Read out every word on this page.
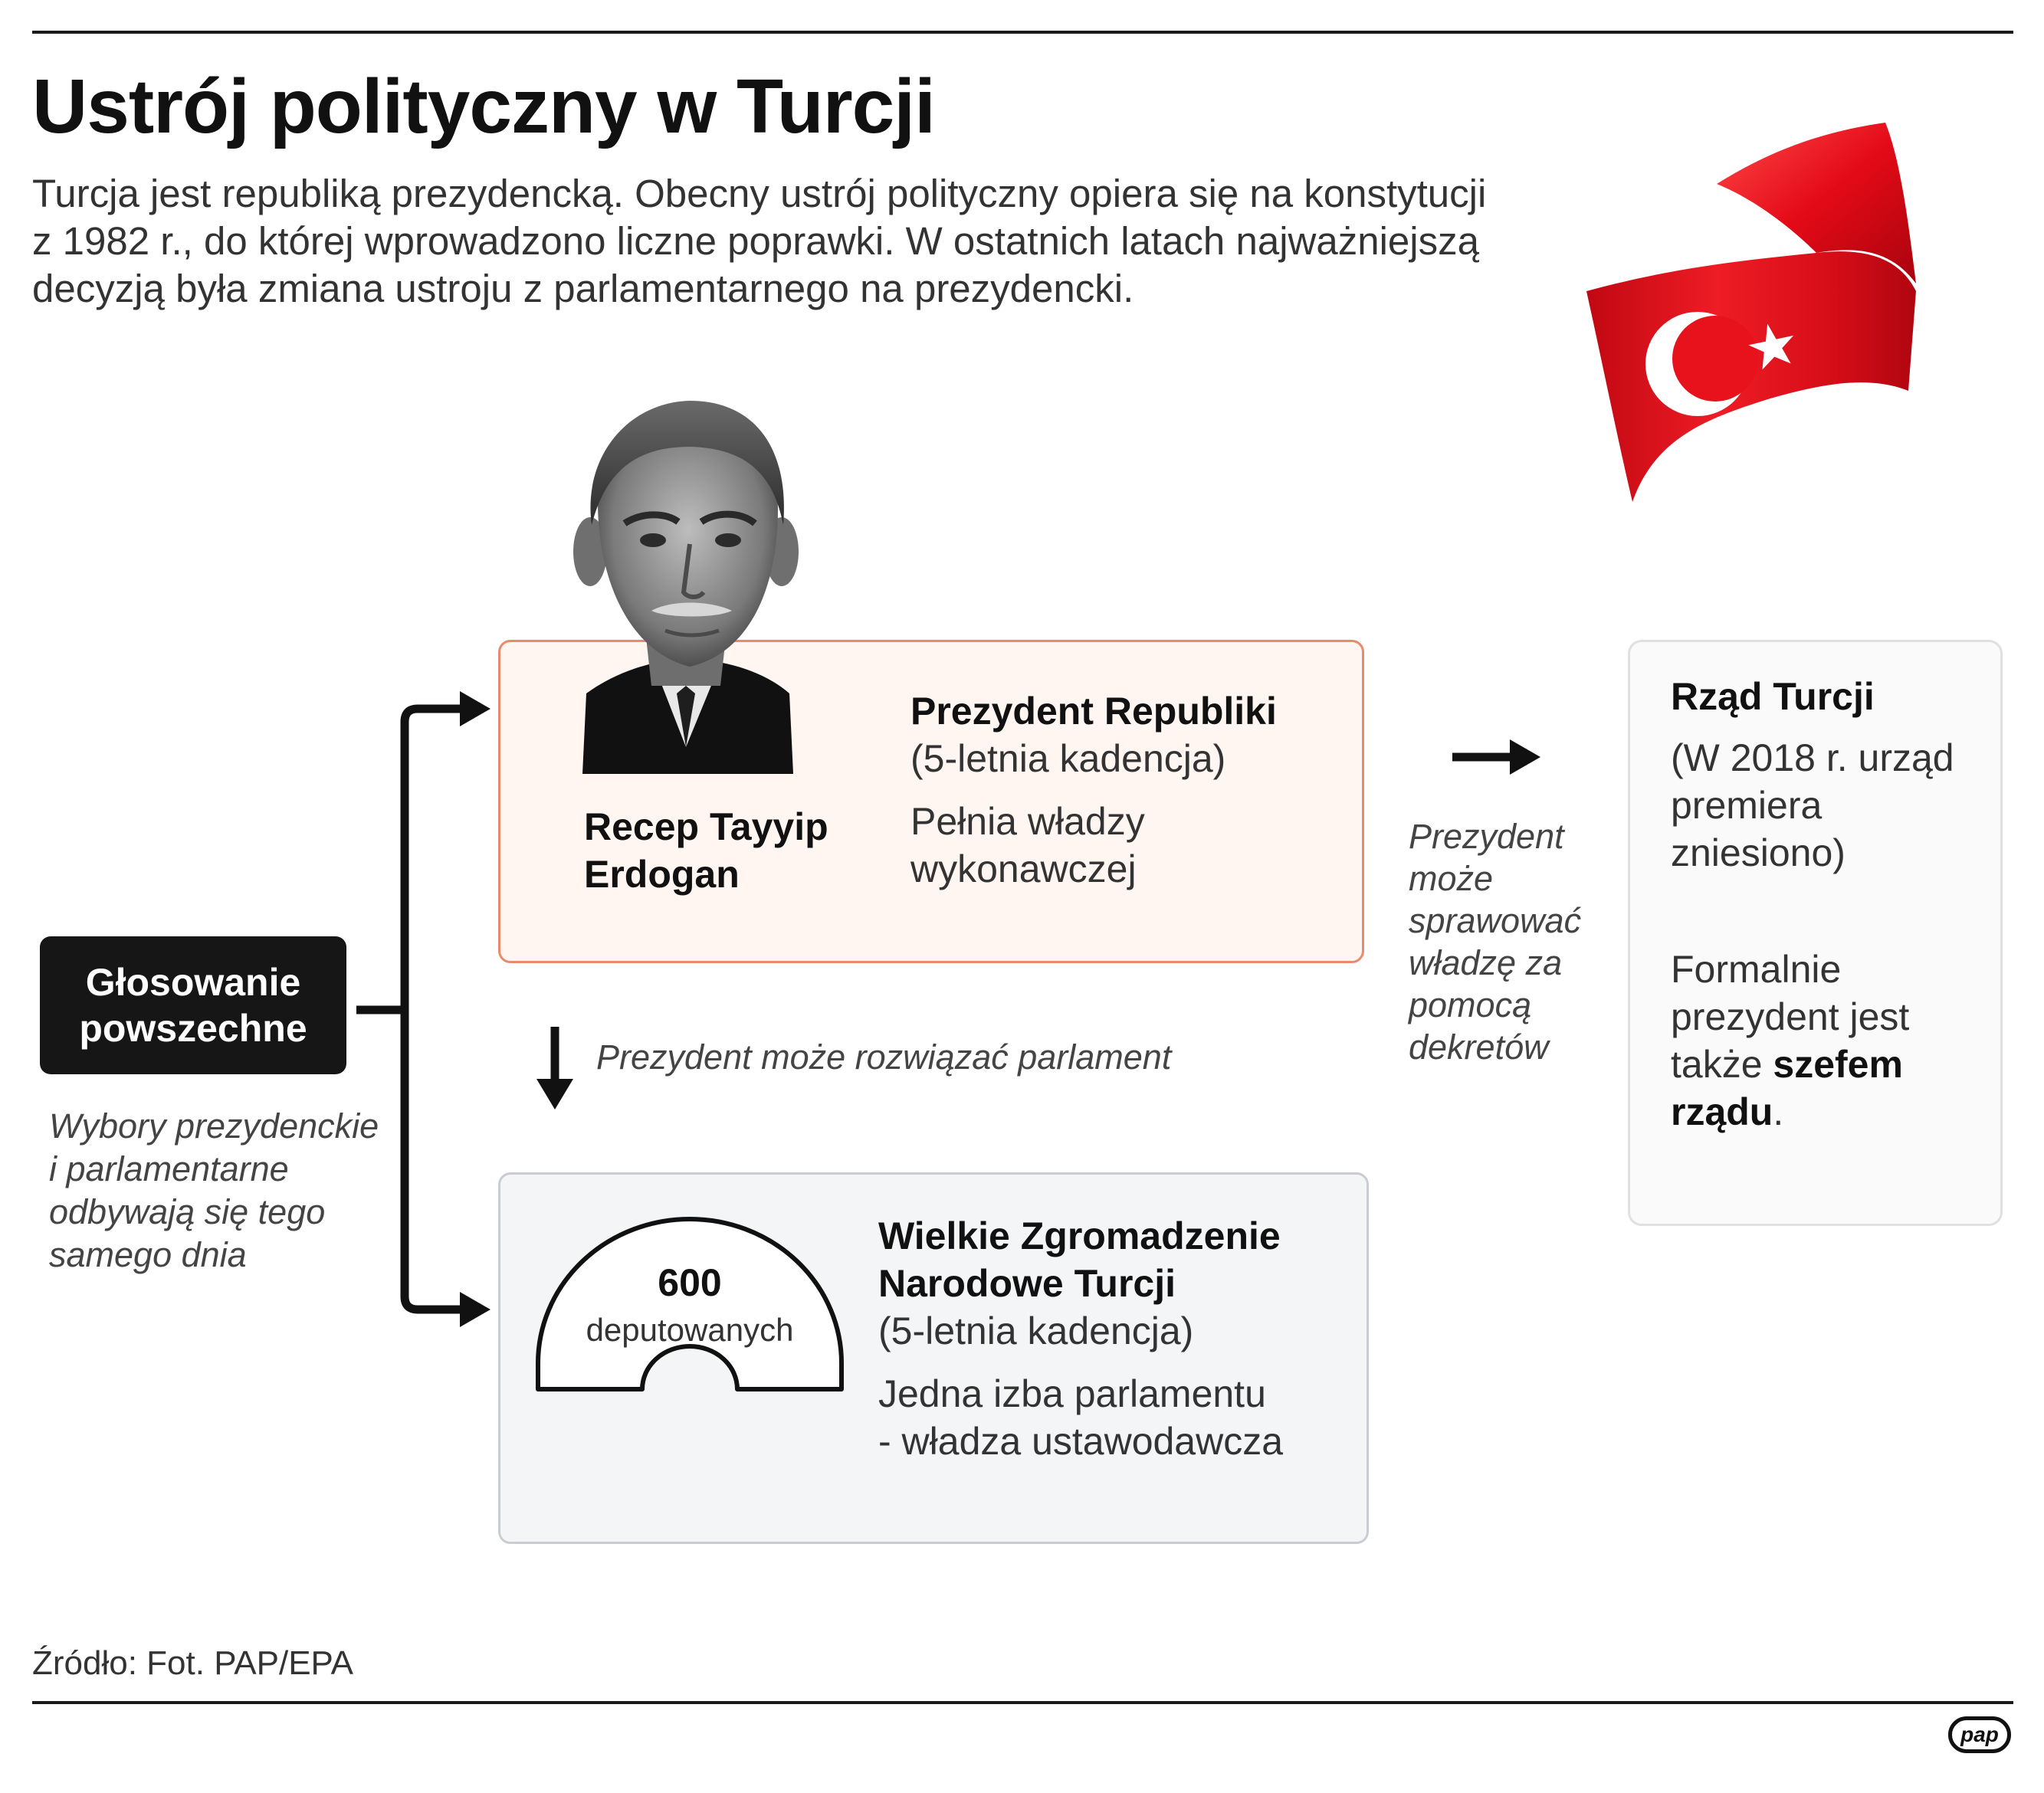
Ustrój polityczny w Turcji
Turcja jest republiką prezydencką. Obecny ustrój polityczny opiera się na konstytucji
z 1982 r., do której wprowadzono liczne poprawki. W ostatnich latach najważniejszą
decyzją była zmiana ustroju z parlamentarnego na prezydencki.
Głosowanie
powszechne
Wybory prezydenckie
i parlamentarne
odbywają się tego
samego dnia
Recep Tayyip
Erdogan
Prezydent Republiki
(5-letnia kadencja)
Pełnia władzy
wykonawczej
Prezydent może rozwiązać parlament
Prezydent
może
sprawować
władzę za
pomocą
dekretów
600
deputowanych
Wielkie Zgromadzenie
Narodowe Turcji
(5-letnia kadencja)
Jedna izba parlamentu
- władza ustawodawcza
Rząd Turcji
(W 2018 r. urząd
premiera
zniesiono)
Formalnie
prezydent jest
także szefem
rządu.
Źródło: Fot. PAP/EPA
pap
